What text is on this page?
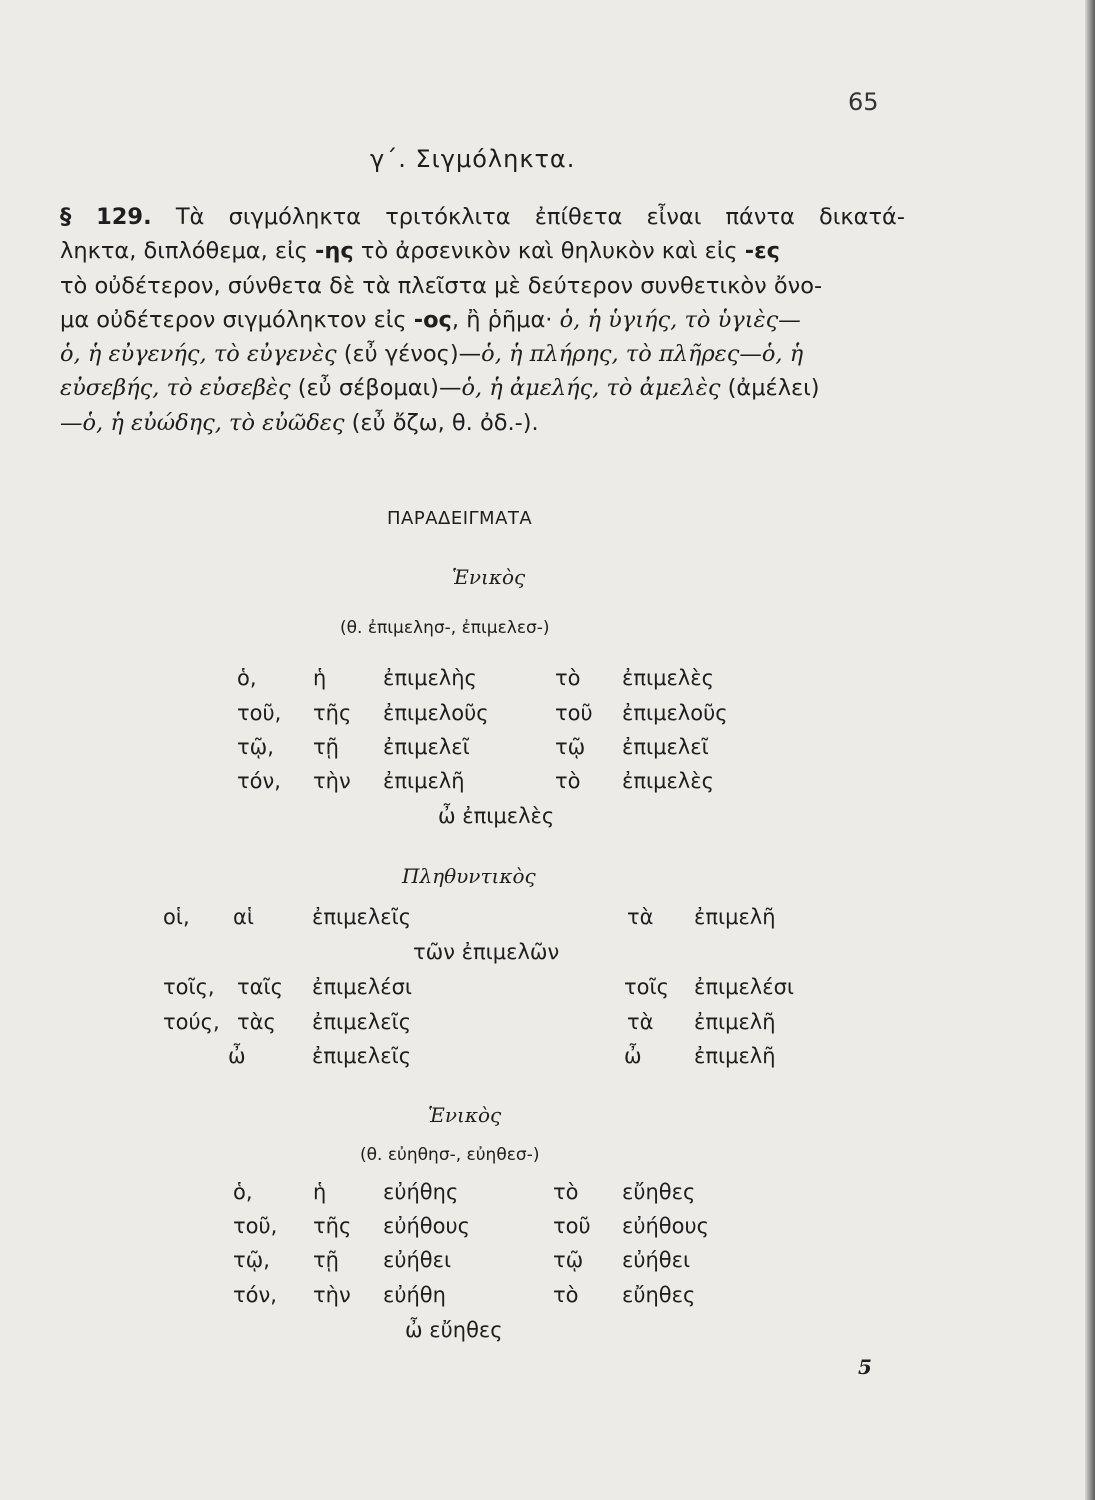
65
γ΄. Σιγμόληκτα.
§ 129. Τὰ σιγμόληκτα τριτόκλιτα ἐπίθετα εἶναι πάντα δικατά-
ληκτα, διπλόθεμα, εἰς -ης τὸ ἀρσενικὸν καὶ θηλυκὸν καὶ εἰς -ες
τὸ οὐδέτερον, σύνθετα δὲ τὰ πλεῖστα μὲ δεύτερον συνθετικὸν ὄνο-
μα οὐδέτερον σιγμόληκτον εἰς -ος, ἢ ῥῆμα· ὁ, ἡ ὑγιής, τὸ ὑγιὲς—
ὁ, ἡ εὐγενής, τὸ εὐγενὲς (εὖ γένος)—ὁ, ἡ πλήρης, τὸ πλῆρες—ὁ, ἡ
εὐσεβής, τὸ εὐσεβὲς (εὖ σέβομαι)—ὁ, ἡ ἀμελής, τὸ ἀμελὲς (ἀμέλει)
—ὁ, ἡ εὐώδης, τὸ εὐῶδες (εὖ ὄζω, θ. ὀδ.-).
ΠΑΡΑΔΕΙΓΜΑΤΑ
Ἑνικὸς
(θ. ἐπιμελησ-, ἐπιμελεσ-)
ὁ,	ἡ	ἐπιμελὴς	τὸ ἐπιμελὲς
τοῦ, τῆς ἐπιμελοῦς	τοῦ ἐπιμελοῦς
τῷ, τῇ ἐπιμελεῖ	τῷ ἐπιμελεῖ
τόν, τὴν ἐπιμελῆ	τὸ ἐπιμελὲς
ὦ ἐπιμελὲς
Πληθυντικὸς
οἱ, αἱ	ἐπιμελεῖς	τὰ ἐπιμελῆ
τῶν ἐπιμελῶν
τοῖς, ταῖς ἐπιμελέσι	τοῖς ἐπιμελέσι
τούς, τὰς ἐπιμελεῖς	τὰ ἐπιμελῆ
ὦ	ἐπιμελεῖς	ὦ ἐπιμελῆ
Ἑνικὸς
(θ. εὐηθησ-, εὐηθεσ-)
ὁ,	ἡ	εὐήθης	τὸ εὔηθες
τοῦ, τῆς εὐήθους	τοῦ εὐήθους
τῷ, τῇ εὐήθει	τῷ εὐήθει
τόν, τὴν εὐήθη	τὸ εὔηθες
ὦ εὔηθες
5
